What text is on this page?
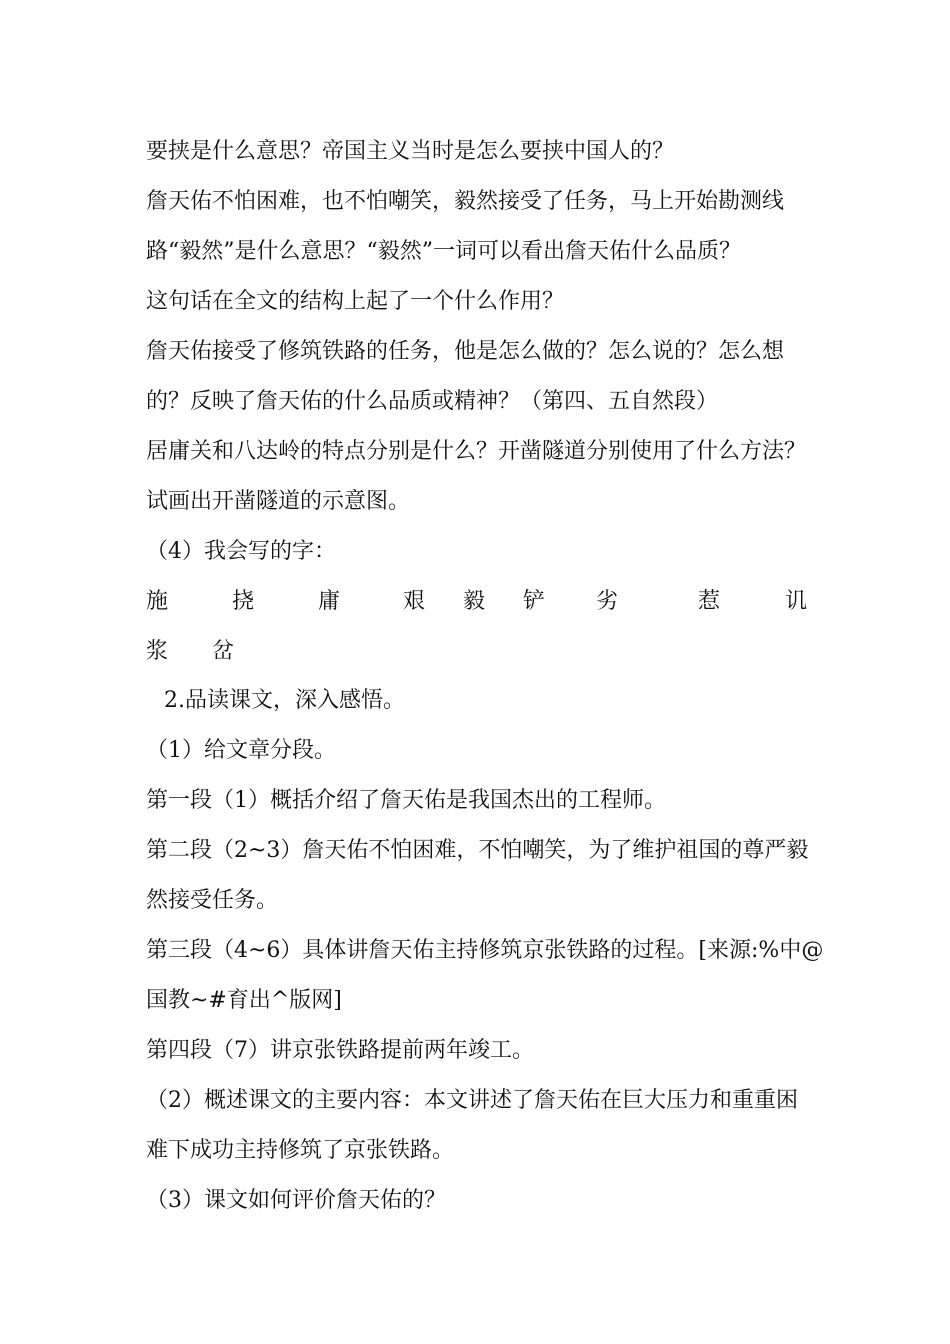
要挟是什么意思？帝国主义当时是怎么要挟中国人的？
詹天佑不怕困难，也不怕嘲笑，毅然接受了任务，马上开始勘测线
路“毅然”是什么意思？“毅然”一词可以看出詹天佑什么品质？
这句话在全文的结构上起了一个什么作用？
詹天佑接受了修筑铁路的任务，他是怎么做的？怎么说的？怎么想
的？反映了詹天佑的什么品质或精神？（第四、五自然段）
居庸关和八达岭的特点分别是什么？开凿隧道分别使用了什么方法？
试画出开凿隧道的示意图。
（4）我会写的字：
施	挠	庸	艰 毅 铲 劣	惹	讥
浆 岔
2.品读课文，深入感悟。
（1）给文章分段。
第一段（1）概括介绍了詹天佑是我国杰出的工程师。
第二段（2~3）詹天佑不怕困难，不怕嘲笑，为了维护祖国的尊严毅
然接受任务。
第三段（4~6）具体讲詹天佑主持修筑京张铁路的过程。[来源:%中@
国教~#育出^版网]
第四段（7）讲京张铁路提前两年竣工。
（2）概述课文的主要内容：本文讲述了詹天佑在巨大压力和重重困
难下成功主持修筑了京张铁路。
（3）课文如何评价詹天佑的？
